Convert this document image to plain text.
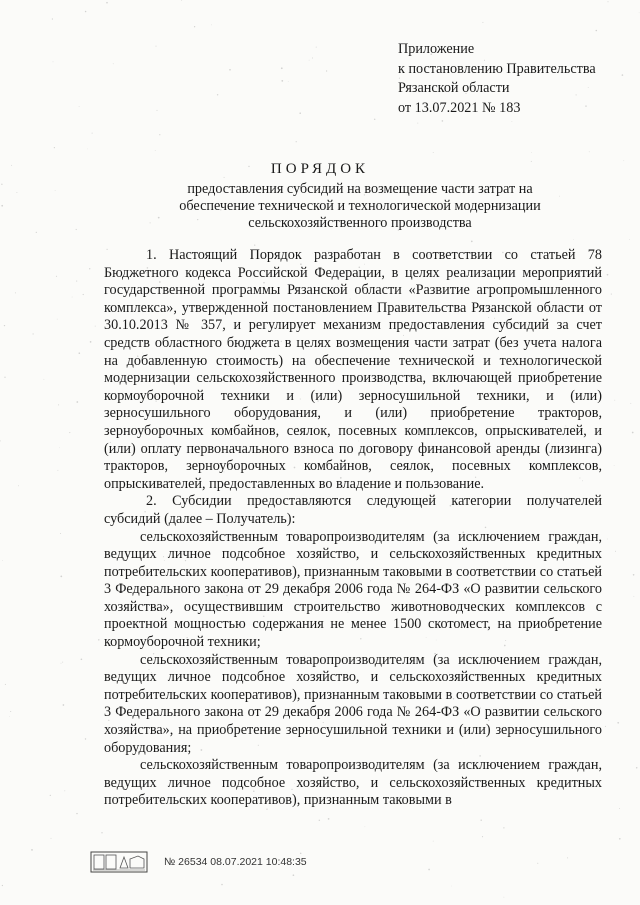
Приложение
к постановлению Правительства
Рязанской области
от 13.07.2021 № 183
ПОРЯДОК
предоставления субсидий на возмещение части затрат на
обеспечение технической и технологической модернизации
сельскохозяйственного производства

1. Настоящий Порядок разработан в соответствии со статьей 78 Бюджетного кодекса Российской Федерации, в целях реализации мероприятий государственной программы Рязанской области «Развитие агропромышленного комплекса», утвержденной постановлением Правительства Рязанской области от 30.10.2013 № 357, и регулирует механизм предоставления субсидий за счет средств областного бюджета в целях возмещения части затрат (без учета налога на добавленную стоимость) на обеспечение технической и технологической модернизации сельскохозяйственного производства, включающей приобретение кормоуборочной техники и (или) зерносушильной техники, и (или) зерносушильного оборудования, и (или) приобретение тракторов, зерноуборочных комбайнов, сеялок, посевных комплексов, опрыскивателей, и (или) оплату первоначального взноса по договору финансовой аренды (лизинга) тракторов, зерноуборочных комбайнов, сеялок, посевных комплексов, опрыскивателей, предоставленных во владение и пользование.

2. Субсидии предоставляются следующей категории получателей субсидий (далее – Получатель):

сельскохозяйственным товаропроизводителям (за исключением граждан, ведущих личное подсобное хозяйство, и сельскохозяйственных кредитных потребительских кооперативов), признанным таковыми в соответствии со статьей 3 Федерального закона от 29 декабря 2006 года № 264-ФЗ «О развитии сельского хозяйства», осуществившим строительство животноводческих комплексов с проектной мощностью содержания не менее 1500 скотомест, на приобретение кормоуборочной техники;

сельскохозяйственным товаропроизводителям (за исключением граждан, ведущих личное подсобное хозяйство, и сельскохозяйственных кредитных потребительских кооперативов), признанным таковыми в соответствии со статьей 3 Федерального закона от 29 декабря 2006 года № 264-ФЗ «О развитии сельского хозяйства», на приобретение зерносушильной техники и (или) зерносушильного оборудования;

сельскохозяйственным товаропроизводителям (за исключением граждан, ведущих личное подсобное хозяйство, и сельскохозяйственных кредитных потребительских кооперативов), признанным таковыми в

№ 26534 08.07.2021 10:48:35
